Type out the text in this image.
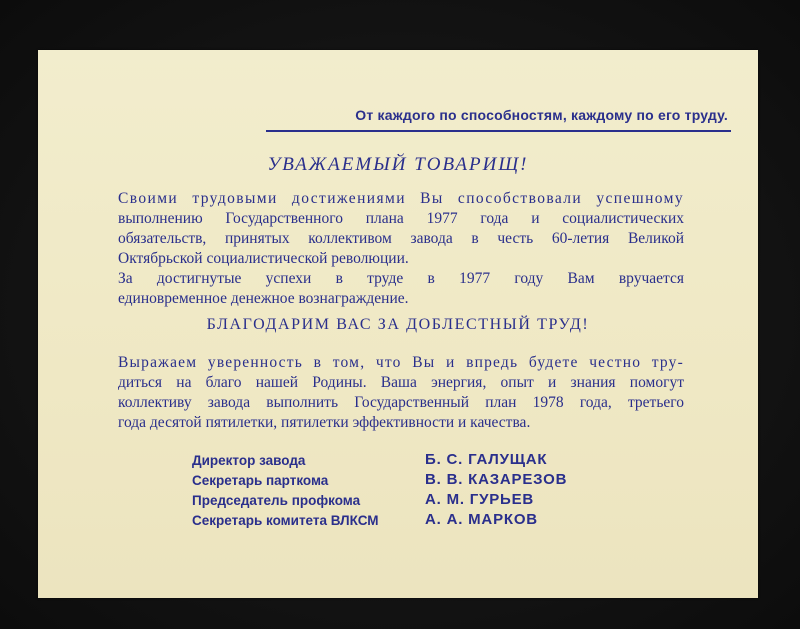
От каждого по способностям, каждому по его труду.
УВАЖАЕМЫЙ ТОВАРИЩ!

Своими трудовыми достижениями Вы способствовали успешному
выполнению Государственного плана 1977 года и социалистических
обязательств, принятых коллективом завода в честь 60-летия Великой
Октябрьской социалистической революции.
За достигнутые успехи в труде в 1977 году Вам вручается
единовременное денежное вознаграждение.

БЛАГОДАРИМ ВАС ЗА ДОБЛЕСТНЫЙ ТРУД!

Выражаем уверенность в том, что Вы и впредь будете честно тру-
диться на благо нашей Родины. Ваша энергия, опыт и знания помогут
коллективу завода выполнить Государственный план 1978 года, третьего
года десятой пятилетки, пятилетки эффективности и качества.

Директор завода	Б. С. ГАЛУЩАК
Секретарь парткома	В. В. КАЗАРЕЗОВ
Председатель профкома	А. М. ГУРЬЕВ
Секретарь комитета ВЛКСМ	А. А. МАРКОВ
